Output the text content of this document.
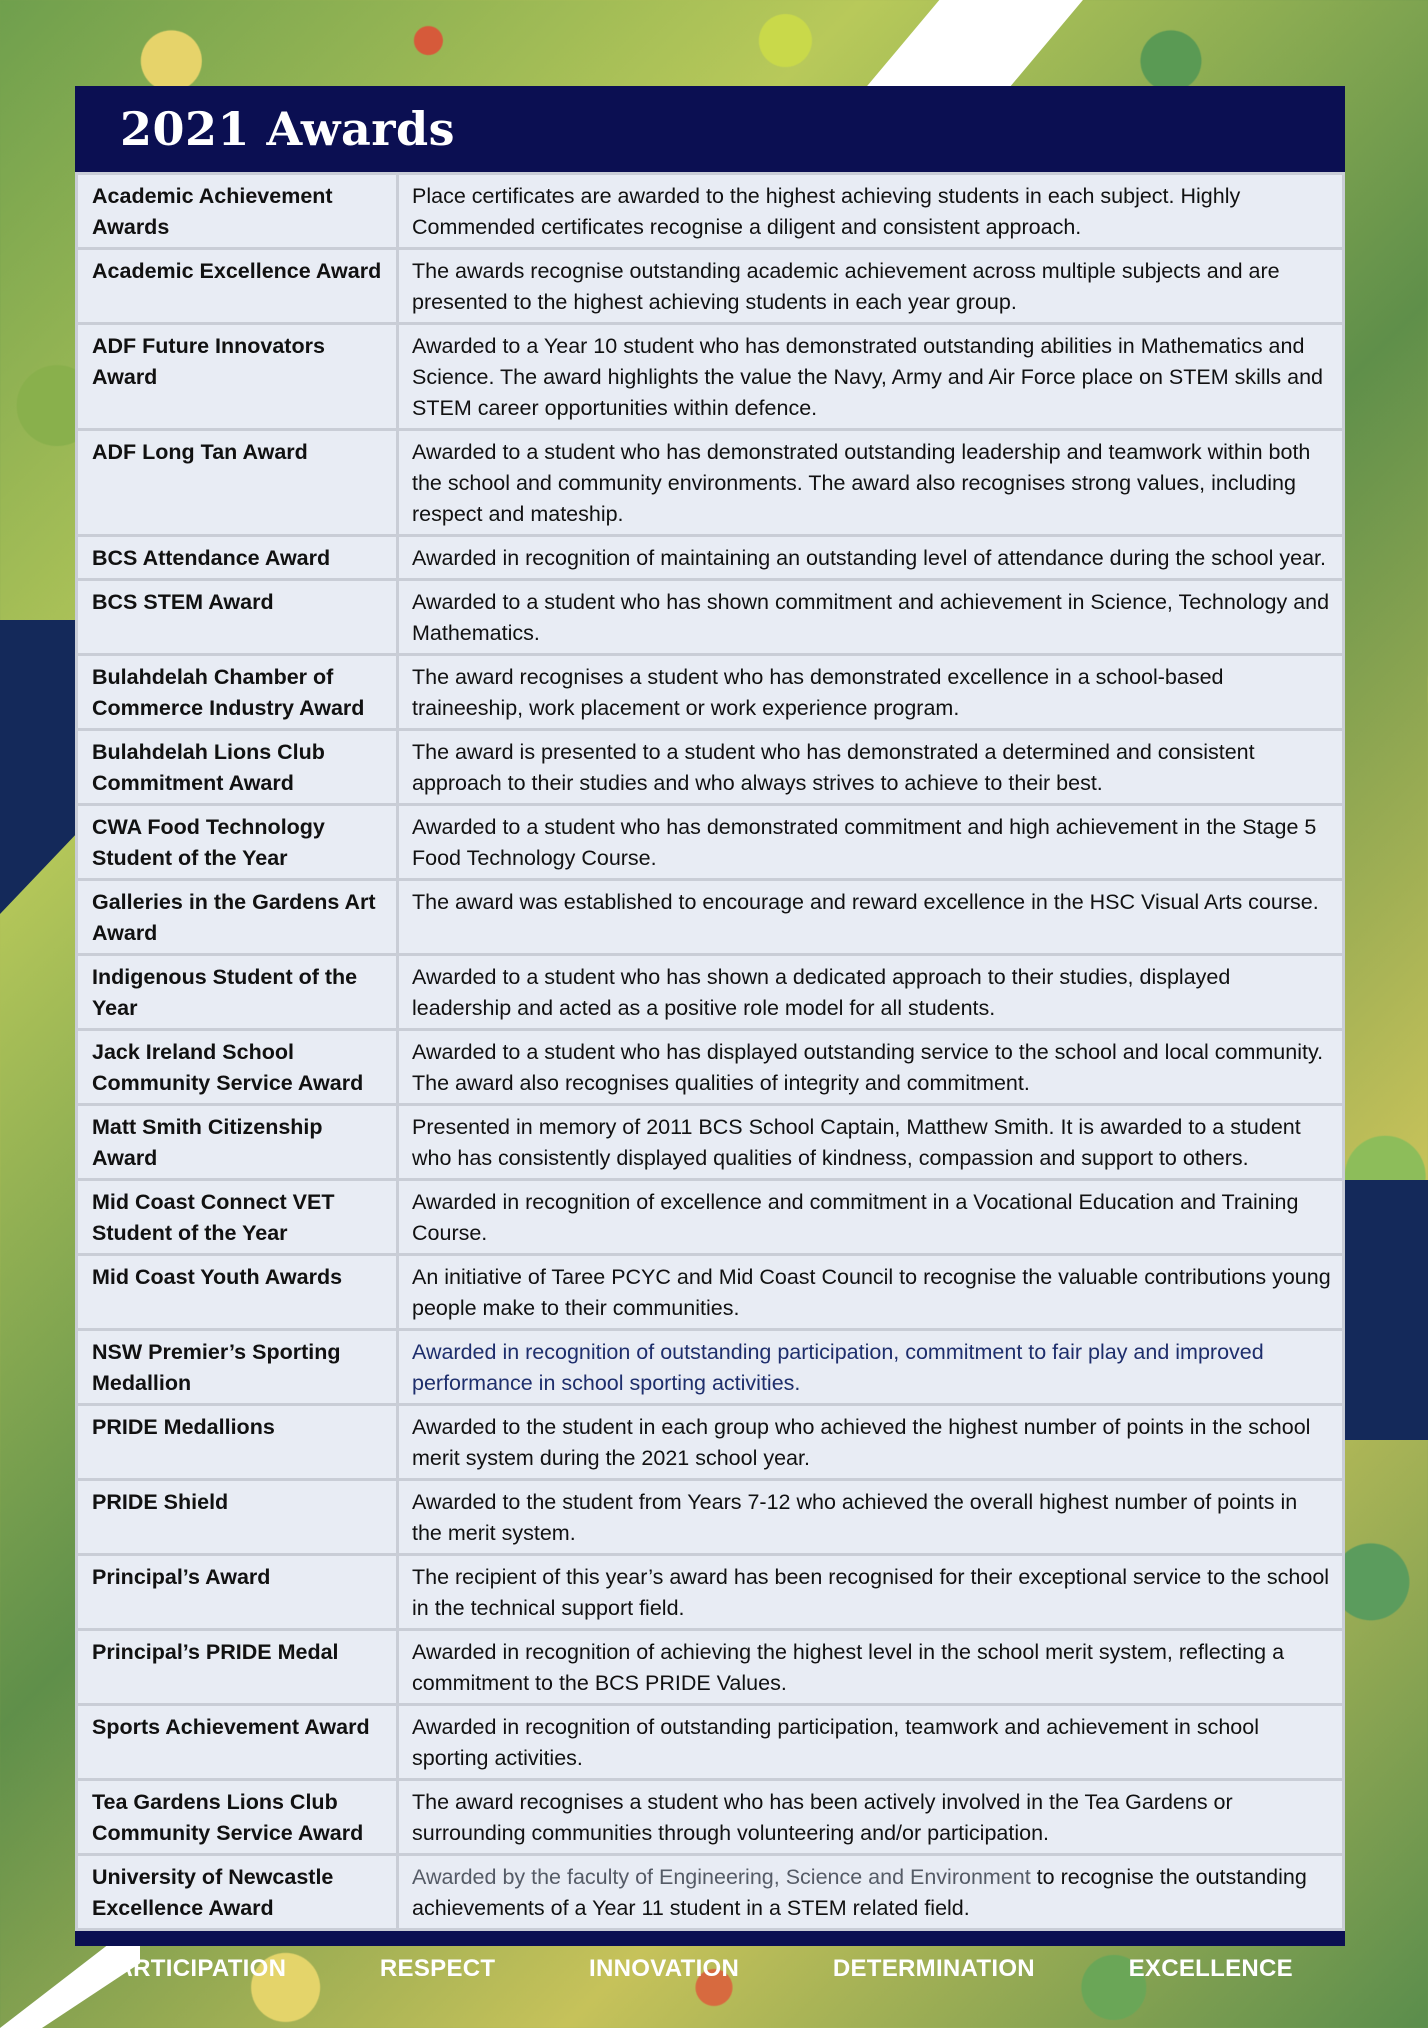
2021 Awards
Academic Achievement Awards	Place certificates are awarded to the highest achieving students in each subject. Highly Commended certificates recognise a diligent and consistent approach.
Academic Excellence Award	The awards recognise outstanding academic achievement across multiple subjects and are presented to the highest achieving students in each year group.
ADF Future Innovators Award	Awarded to a Year 10 student who has demonstrated outstanding abilities in Mathematics and Science. The award highlights the value the Navy, Army and Air Force place on STEM skills and STEM career opportunities within defence.
ADF Long Tan Award	Awarded to a student who has demonstrated outstanding leadership and teamwork within both the school and community environments. The award also recognises strong values, including respect and mateship.
BCS Attendance Award	Awarded in recognition of maintaining an outstanding level of attendance during the school year.
BCS STEM Award	Awarded to a student who has shown commitment and achievement in Science, Technology and Mathematics.
Bulahdelah Chamber of Commerce Industry Award	The award recognises a student who has demonstrated excellence in a school-based traineeship, work placement or work experience program.
Bulahdelah Lions Club Commitment Award	The award is presented to a student who has demonstrated a determined and consistent approach to their studies and who always strives to achieve to their best.
CWA Food Technology Student of the Year	Awarded to a student who has demonstrated commitment and high achievement in the Stage 5 Food Technology Course.
Galleries in the Gardens Art Award	The award was established to encourage and reward excellence in the HSC Visual Arts course.
Indigenous Student of the Year	Awarded to a student who has shown a dedicated approach to their studies, displayed leadership and acted as a positive role model for all students.
Jack Ireland School Community Service Award	Awarded to a student who has displayed outstanding service to the school and local community. The award also recognises qualities of integrity and commitment.
Matt Smith Citizenship Award	Presented in memory of 2011 BCS School Captain, Matthew Smith. It is awarded to a student who has consistently displayed qualities of kindness, compassion and support to others.
Mid Coast Connect VET Student of the Year	Awarded in recognition of excellence and commitment in a Vocational Education and Training Course.
Mid Coast Youth Awards	An initiative of Taree PCYC and Mid Coast Council to recognise the valuable contributions young people make to their communities.
NSW Premier’s Sporting Medallion	Awarded in recognition of outstanding participation, commitment to fair play and improved performance in school sporting activities.
PRIDE Medallions	Awarded to the student in each group who achieved the highest number of points in the school merit system during the 2021 school year.
PRIDE Shield	Awarded to the student from Years 7-12 who achieved the overall highest number of points in the merit system.
Principal’s Award	The recipient of this year’s award has been recognised for their exceptional service to the school in the technical support field.
Principal’s PRIDE Medal	Awarded in recognition of achieving the highest level in the school merit system, reflecting a commitment to the BCS PRIDE Values.
Sports Achievement Award	Awarded in recognition of outstanding participation, teamwork and achievement in school sporting activities.
Tea Gardens Lions Club Community Service Award	The award recognises a student who has been actively involved in the Tea Gardens or surrounding communities through volunteering and/or participation.
University of Newcastle Excellence Award	Awarded by the faculty of Engineering, Science and Environment to recognise the outstanding achievements of a Year 11 student in a STEM related field.
PARTICIPATION	RESPECT	INNOVATION	DETERMINATION	EXCELLENCE
